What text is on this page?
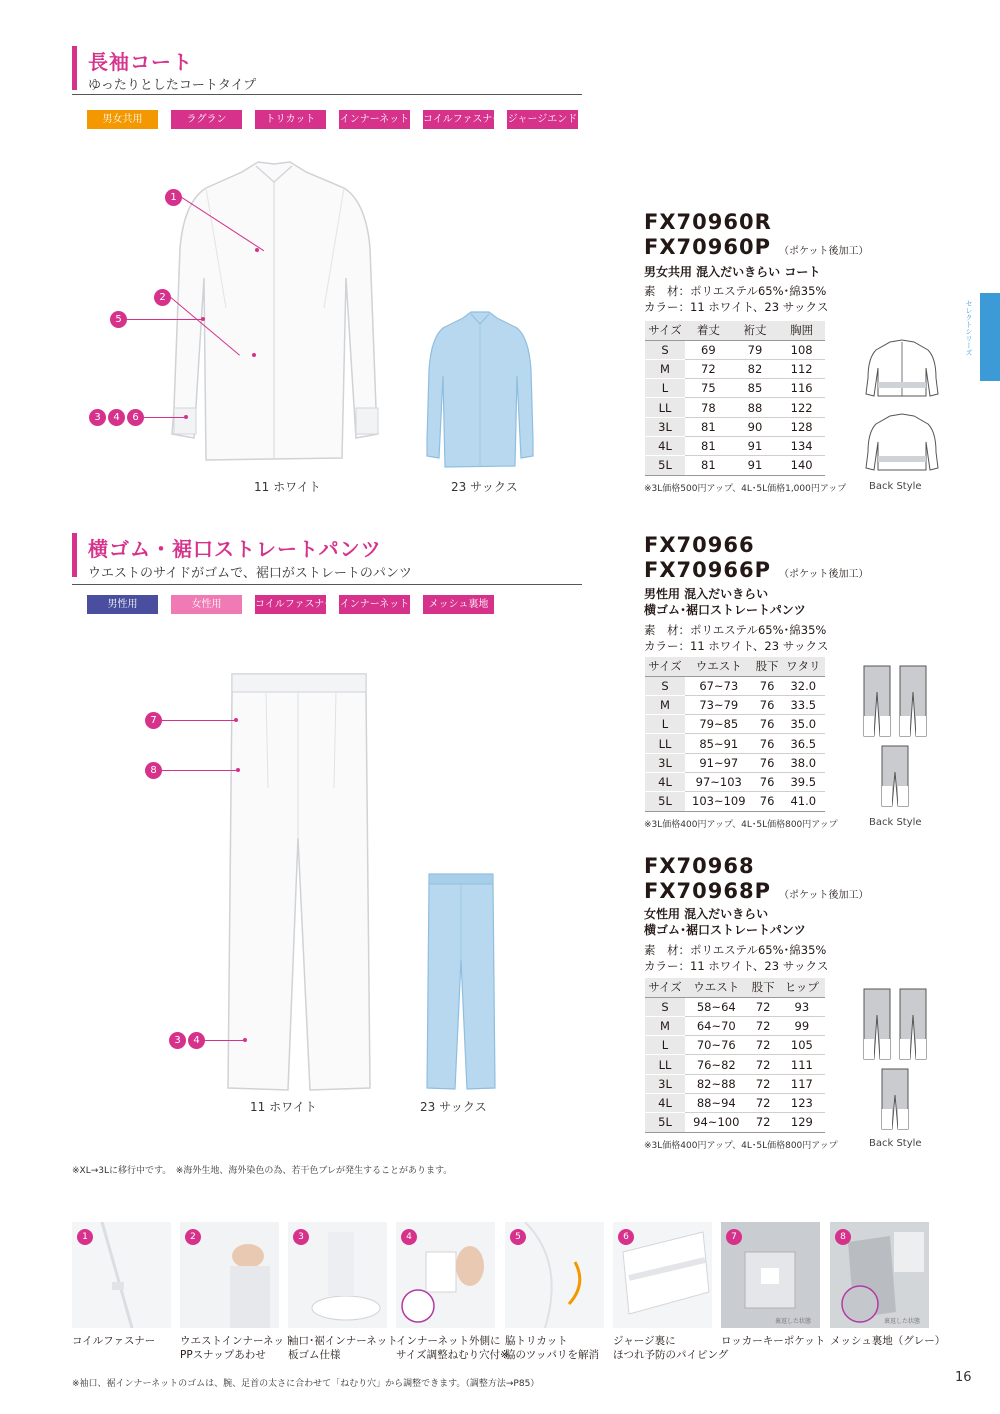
セレクトシリーズ
長袖コート
ゆったりとしたコートタイプ
男女共用	ラグラン	トリカット	インナーネット コイルファスナー ジャージエンド
11 ホワイト	23 サックス
1
2
5
3	4	6
FX70960R
FX70960P （ポケット後加工）
男女共用 混入だいきらい コート
素　材：ポリエステル65%･綿35%
カラー：11 ホワイト、23 サックス
サイズ	着丈	裄丈	胸囲
S	69	79	108
M	72	82	112
L	75	85	116
LL	78	88	122
3L	81	90	128
4L	81	91	134
5L	81	91	140
※3L価格500円アップ、4L･5L価格1,000円アップ Back Style
横ゴム・裾口ストレートパンツ
ウエストのサイドがゴムで、裾口がストレートのパンツ
男性用	女性用	コイルファスナー インナーネット	メッシュ裏地
11 ホワイト	23 サックス
7
8
3	4
FX70966
FX70966P （ポケット後加工）
男性用 混入だいきらい
横ゴム･裾口ストレートパンツ
素　材：ポリエステル65%･綿35%
カラー：11 ホワイト、23 サックス
サイズ	ウエスト	股下	ワタリ
S	67~73	76	32.0
M	73~79	76	33.5
L	79~85	76	35.0
LL	85~91	76	36.5
3L	91~97	76	38.0
4L	97~103	76	39.5
5L	103~109	76	41.0
※3L価格400円アップ、4L･5L価格800円アップ	Back Style
FX70968
FX70968P （ポケット後加工）
女性用 混入だいきらい
横ゴム･裾口ストレートパンツ
素　材：ポリエステル65%･綿35%
カラー：11 ホワイト、23 サックス
サイズ	ウエスト	股下	ヒップ
S	58~64	72	93
M	64~70	72	99
L	70~76	72	105
LL	76~82	72	111
3L	82~88	72	117
4L	88~94	72	123
5L	94~100	72	129
※3L価格400円アップ、4L･5L価格800円アップ	Back Style
※XL→3Lに移行中です。　※海外生地、海外染色の為、若干色ブレが発生することがあります。
1	2	3	4	5	6	7
裏返した状態
8
裏返した状態
コイルファスナー ウエストインナーネット
PPスナップあわせ
袖口･裾インナーネット
板ゴム仕様
インナーネット外側に
サイズ調整ねむり穴付※
脇トリカット
脇のツッパリを解消
ジャージ裏に
ほつれ予防のパイピング
ロッカーキーポケット メッシュ裏地（グレー）
※袖口、裾インナーネットのゴムは、腕、足首の太さに合わせて「ねむり穴」から調整できます。（調整方法→P85）	16
